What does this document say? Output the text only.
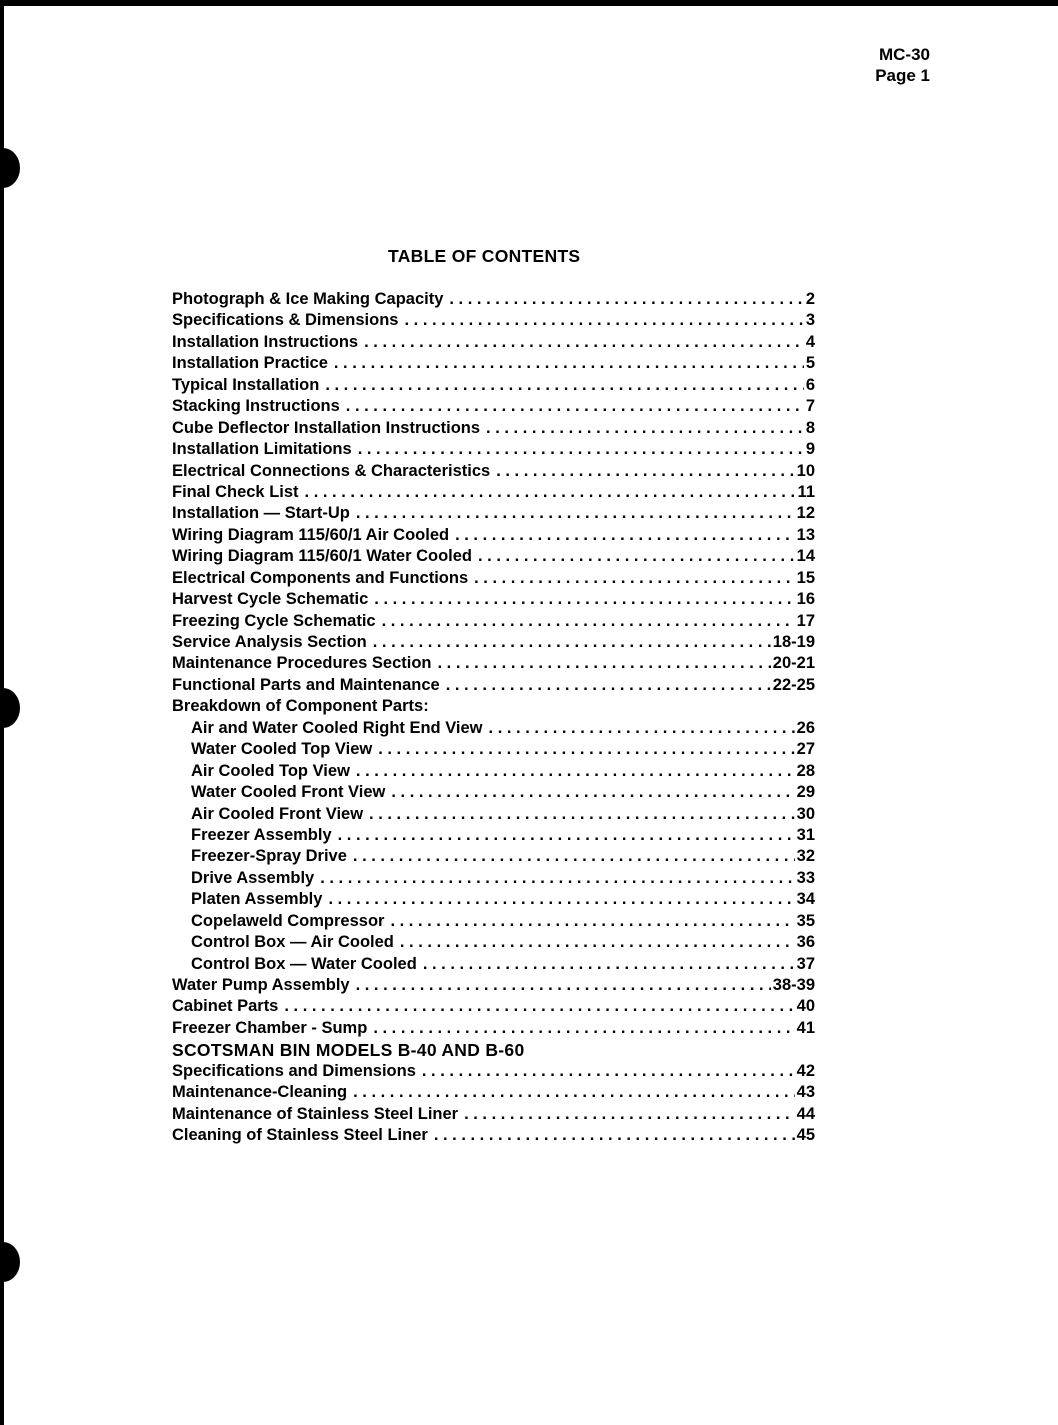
MC-30
Page 1
TABLE OF CONTENTS
Photograph & Ice Making Capacity . . .	2
Specifications & Dimensions . . .	3
Installation Instructions . . .	4
Installation Practice . . .	5
Typical Installation . . .	6
Stacking Instructions . . .	7
Cube Deflector Installation Instructions . . .	8
Installation Limitations . . .	9
Electrical Connections & Characteristics . . .	10
Final Check List . . .	11
Installation — Start-Up . . .	12
Wiring Diagram 115/60/1 Air Cooled . . .	13
Wiring Diagram 115/60/1 Water Cooled . . .	14
Electrical Components and Functions . . .	15
Harvest Cycle Schematic . . .	16
Freezing Cycle Schematic . . .	17
Service Analysis Section . . .	18-19
Maintenance Procedures Section . . .	20-21
Functional Parts and Maintenance . . .	22-25
Breakdown of Component Parts:
Air and Water Cooled Right End View . . .	26
Water Cooled Top View . . .	27
Air Cooled Top View . . .	28
Water Cooled Front View . . .	29
Air Cooled Front View . . .	30
Freezer Assembly . . .	31
Freezer-Spray Drive . . .	32
Drive Assembly . . .	33
Platen Assembly . . .	34
Copelaweld Compressor . . .	35
Control Box — Air Cooled . . .	36
Control Box — Water Cooled . . .	37
Water Pump Assembly . . .	38-39
Cabinet Parts . . .	40
Freezer Chamber - Sump . . .	41
SCOTSMAN BIN MODELS B-40 AND B-60
Specifications and Dimensions . . .	42
Maintenance-Cleaning . . .	43
Maintenance of Stainless Steel Liner . . .	44
Cleaning of Stainless Steel Liner . . .	45
